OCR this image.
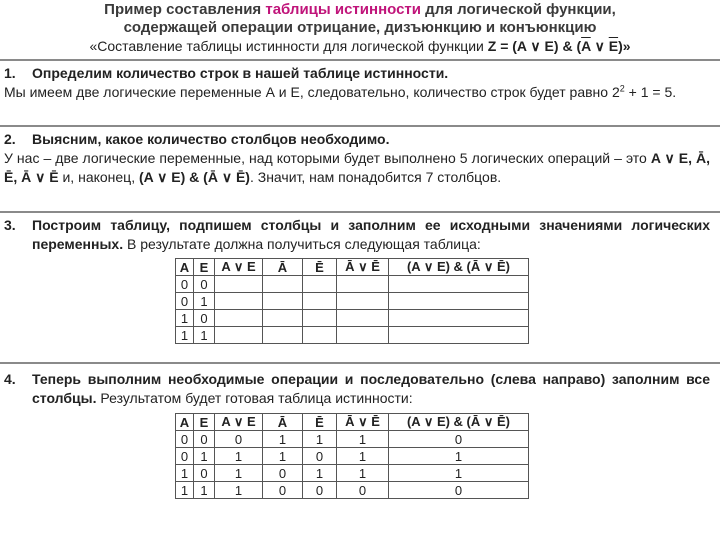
Пример составления таблицы истинности для логической функции,
содержащей операции отрицание, дизъюнкцию и конъюнкцию
«Составление таблицы истинности для логической функции Z = (A ∨ E) & ($\overline{A}$ ∨ $\overline{E}$)»
1.	Определим количество строк в нашей таблице истинности.
Мы имеем две логические переменные А и Е, следовательно, количество строк будет равно $2^2 + 1 = 5$.
2.	Выясним, какое количество столбцов необходимо.
У нас – две логические переменные, над которыми будет выполнено 5 логических операций – это A ∨ E, Ā, Ē, Ā ∨ Ē и, наконец, (A ∨ E) & (Ā ∨ Ē). Значит, нам понадобится 7 столбцов.
3.	Построим таблицу, подпишем столбцы и заполним ее исходными значениями логических переменных. В результате должна получиться следующая таблица:
A	E	A ∨ E	Ā	Ē	Ā ∨ Ē	(A ∨ E) & (Ā ∨ Ē)
0	0					
0	1					
1	0					
1	1					
4.	Теперь выполним необходимые операции и последовательно (слева направо) заполним все столбцы. Результатом будет готовая таблица истинности:
A	E	A ∨ E	Ā	Ē	Ā ∨ Ē	(A ∨ E) & (Ā ∨ Ē)
0	0	0	1	1	1	0
0	1	1	1	0	1	1
1	0	1	0	1	1	1
1	1	1	0	0	0	0
